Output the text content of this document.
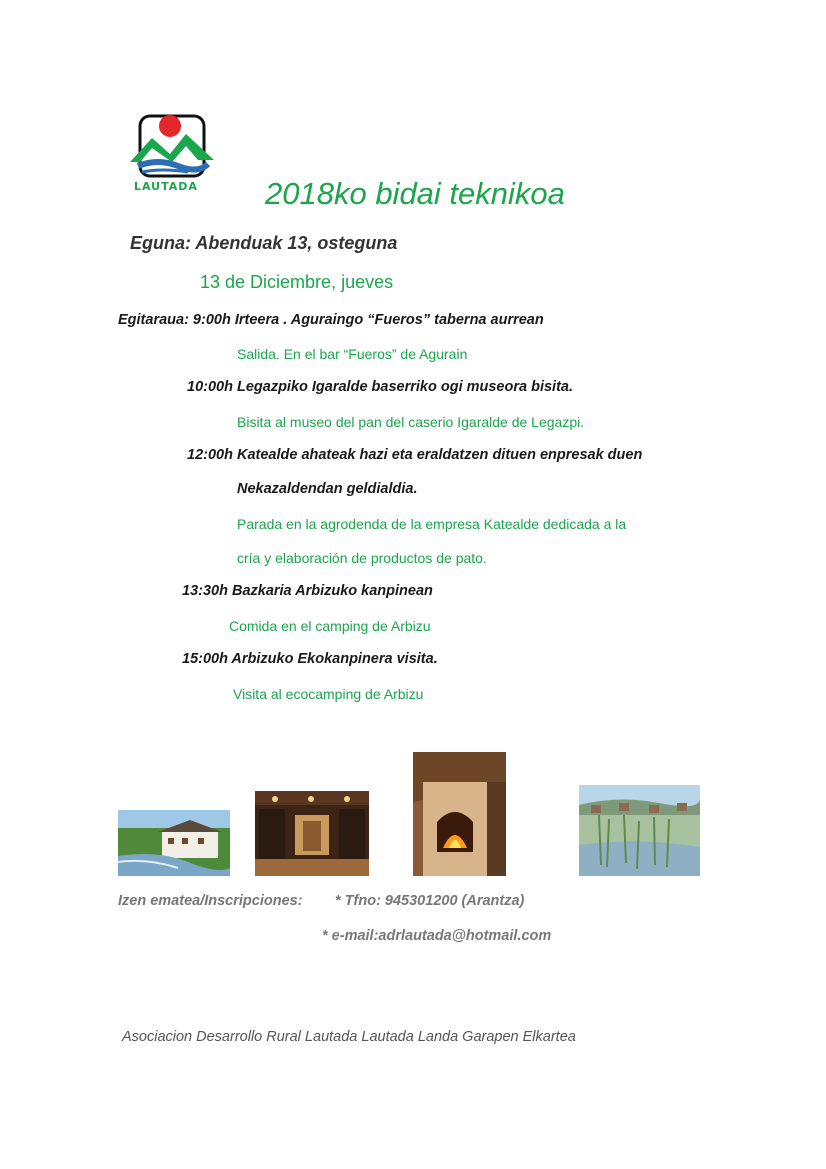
LAUTADA 2018ko bidai teknikoa
Eguna: Abenduak 13, osteguna
13 de Diciembre, jueves
Egitaraua: 9:00h Irteera . Aguraingo “Fueros” taberna aurrean
Salida. En el bar “Fueros” de Agurain
10:00h Legazpiko Igaralde baserriko ogi museora bisita.
Bisita al museo del pan del caserio Igaralde de Legazpi.
12:00h Katealde ahateak hazi eta eraldatzen dituen enpresak duen
Nekazaldendan geldialdia.
Parada en la agrodenda de la empresa Katealde dedicada a la
cría y elaboración de productos de pato.
13:30h Bazkaria Arbizuko kanpinean
Comida en el camping de Arbizu
15:00h Arbizuko Ekokanpinera visita.
Visita al ecocamping de Arbizu
Izen ematea/Inscripciones: * Tfno: 945301200 (Arantza)
* e-mail:adrlautada@hotmail.com
Asociacion Desarrollo Rural Lautada Lautada Landa Garapen Elkartea
